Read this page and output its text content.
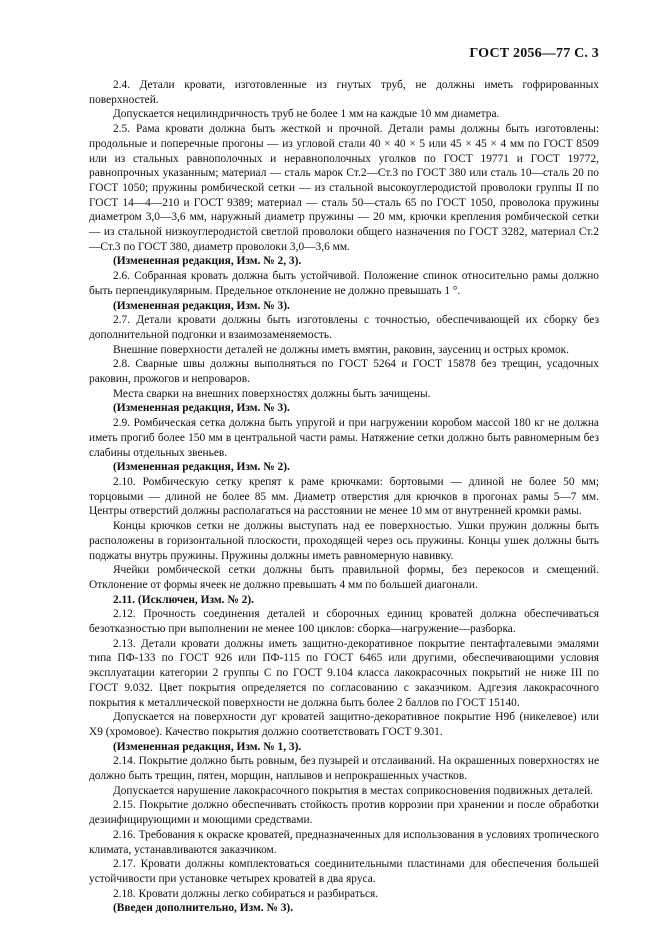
ГОСТ 2056—77 С. 3

2.4. Детали кровати, изготовленные из гнутых труб, не должны иметь гофрированных поверхностей.

Допускается нецилиндричность труб не более 1 мм на каждые 10 мм диаметра.

2.5. Рама кровати должна быть жесткой и прочной. Детали рамы должны быть изготовлены: продольные и поперечные прогоны — из угловой стали 40 × 40 × 5 или 45 × 45 × 4 мм по ГОСТ 8509 или из стальных равнополочных и неравнополочных уголков по ГОСТ 19771 и ГОСТ 19772, равнопрочных указанным; материал — сталь марок Ст.2—Ст.3 по ГОСТ 380 или сталь 10—сталь 20 по ГОСТ 1050; пружины ромбической сетки — из стальной высокоуглеродистой проволоки группы II по ГОСТ 14—4—210 и ГОСТ 9389; материал — сталь 50—сталь 65 по ГОСТ 1050, проволока пружины диаметром 3,0—3,6 мм, наружный диаметр пружины — 20 мм, крючки крепления ромбической сетки — из стальной низкоуглеродистой светлой проволоки общего назначения по ГОСТ 3282, материал Ст.2—Ст.3 по ГОСТ 380, диаметр проволоки 3,0—3,6 мм.

(Измененная редакция, Изм. № 2, 3).

2.6. Собранная кровать должна быть устойчивой. Положение спинок относительно рамы должно быть перпендикулярным. Предельное отклонение не должно превышать 1 °.

(Измененная редакция, Изм. № 3).

2.7. Детали кровати должны быть изготовлены с точностью, обеспечивающей их сборку без дополнительной подгонки и взаимозаменяемость.

Внешние поверхности деталей не должны иметь вмятин, раковин, заусениц и острых кромок.

2.8. Сварные швы должны выполняться по ГОСТ 5264 и ГОСТ 15878 без трещин, усадочных раковин, прожогов и непроваров.

Места сварки на внешних поверхностях должны быть зачищены.

(Измененная редакция, Изм. № 3).

2.9. Ромбическая сетка должна быть упругой и при нагружении коробом массой 180 кг не должна иметь прогиб более 150 мм в центральной части рамы. Натяжение сетки должно быть равномерным без слабины отдельных звеньев.

(Измененная редакция, Изм. № 2).

2.10. Ромбическую сетку крепят к раме крючками: бортовыми — длиной не более 50 мм; торцовыми — длиной не более 85 мм. Диаметр отверстия для крючков в прогонах рамы 5—7 мм. Центры отверстий должны располагаться на расстоянии не менее 10 мм от внутренней кромки рамы.

Концы крючков сетки не должны выступать над ее поверхностью. Ушки пружин должны быть расположены в горизонтальной плоскости, проходящей через ось пружины. Концы ушек должны быть поджаты внутрь пружины. Пружины должны иметь равномерную навивку.

Ячейки ромбической сетки должны быть правильной формы, без перекосов и смещений. Отклонение от формы ячеек не должно превышать 4 мм по большей диагонали.

2.11. (Исключен, Изм. № 2).

2.12. Прочность соединения деталей и сборочных единиц кроватей должна обеспечиваться безотказностью при выполнении не менее 100 циклов: сборка—нагружение—разборка.

2.13. Детали кровати должны иметь защитно-декоративное покрытие пентафталевыми эмалями типа ПФ-133 по ГОСТ 926 или ПФ-115 по ГОСТ 6465 или другими, обеспечивающими условия эксплуатации категории 2 группы С по ГОСТ 9.104 класса лакокрасочных покрытий не ниже III по ГОСТ 9.032. Цвет покрытия определяется по согласованию с заказчиком. Адгезия лакокрасочного покрытия к металлической поверхности не должна быть более 2 баллов по ГОСТ 15140.

Допускается на поверхности дуг кроватей защитно-декоративное покрытие Н9б (никелевое) или Х9 (хромовое). Качество покрытия должно соответствовать ГОСТ 9.301.

(Измененная редакция, Изм. № 1, 3).

2.14. Покрытие должно быть ровным, без пузырей и отслаиваний. На окрашенных поверхностях не должно быть трещин, пятен, морщин, наплывов и непрокрашенных участков.

Допускается нарушение лакокрасочного покрытия в местах соприкосновения подвижных деталей.

2.15. Покрытие должно обеспечивать стойкость против коррозии при хранении и после обработки дезинфицирующими и моющими средствами.

2.16. Требования к окраске кроватей, предназначенных для использования в условиях тропического климата, устанавливаются заказчиком.

2.17. Кровати должны комплектоваться соединительными пластинами для обеспечения большей устойчивости при установке четырех кроватей в два яруса.

2.18. Кровати должны легко собираться и разбираться.

(Введен дополнительно, Изм. № 3).
